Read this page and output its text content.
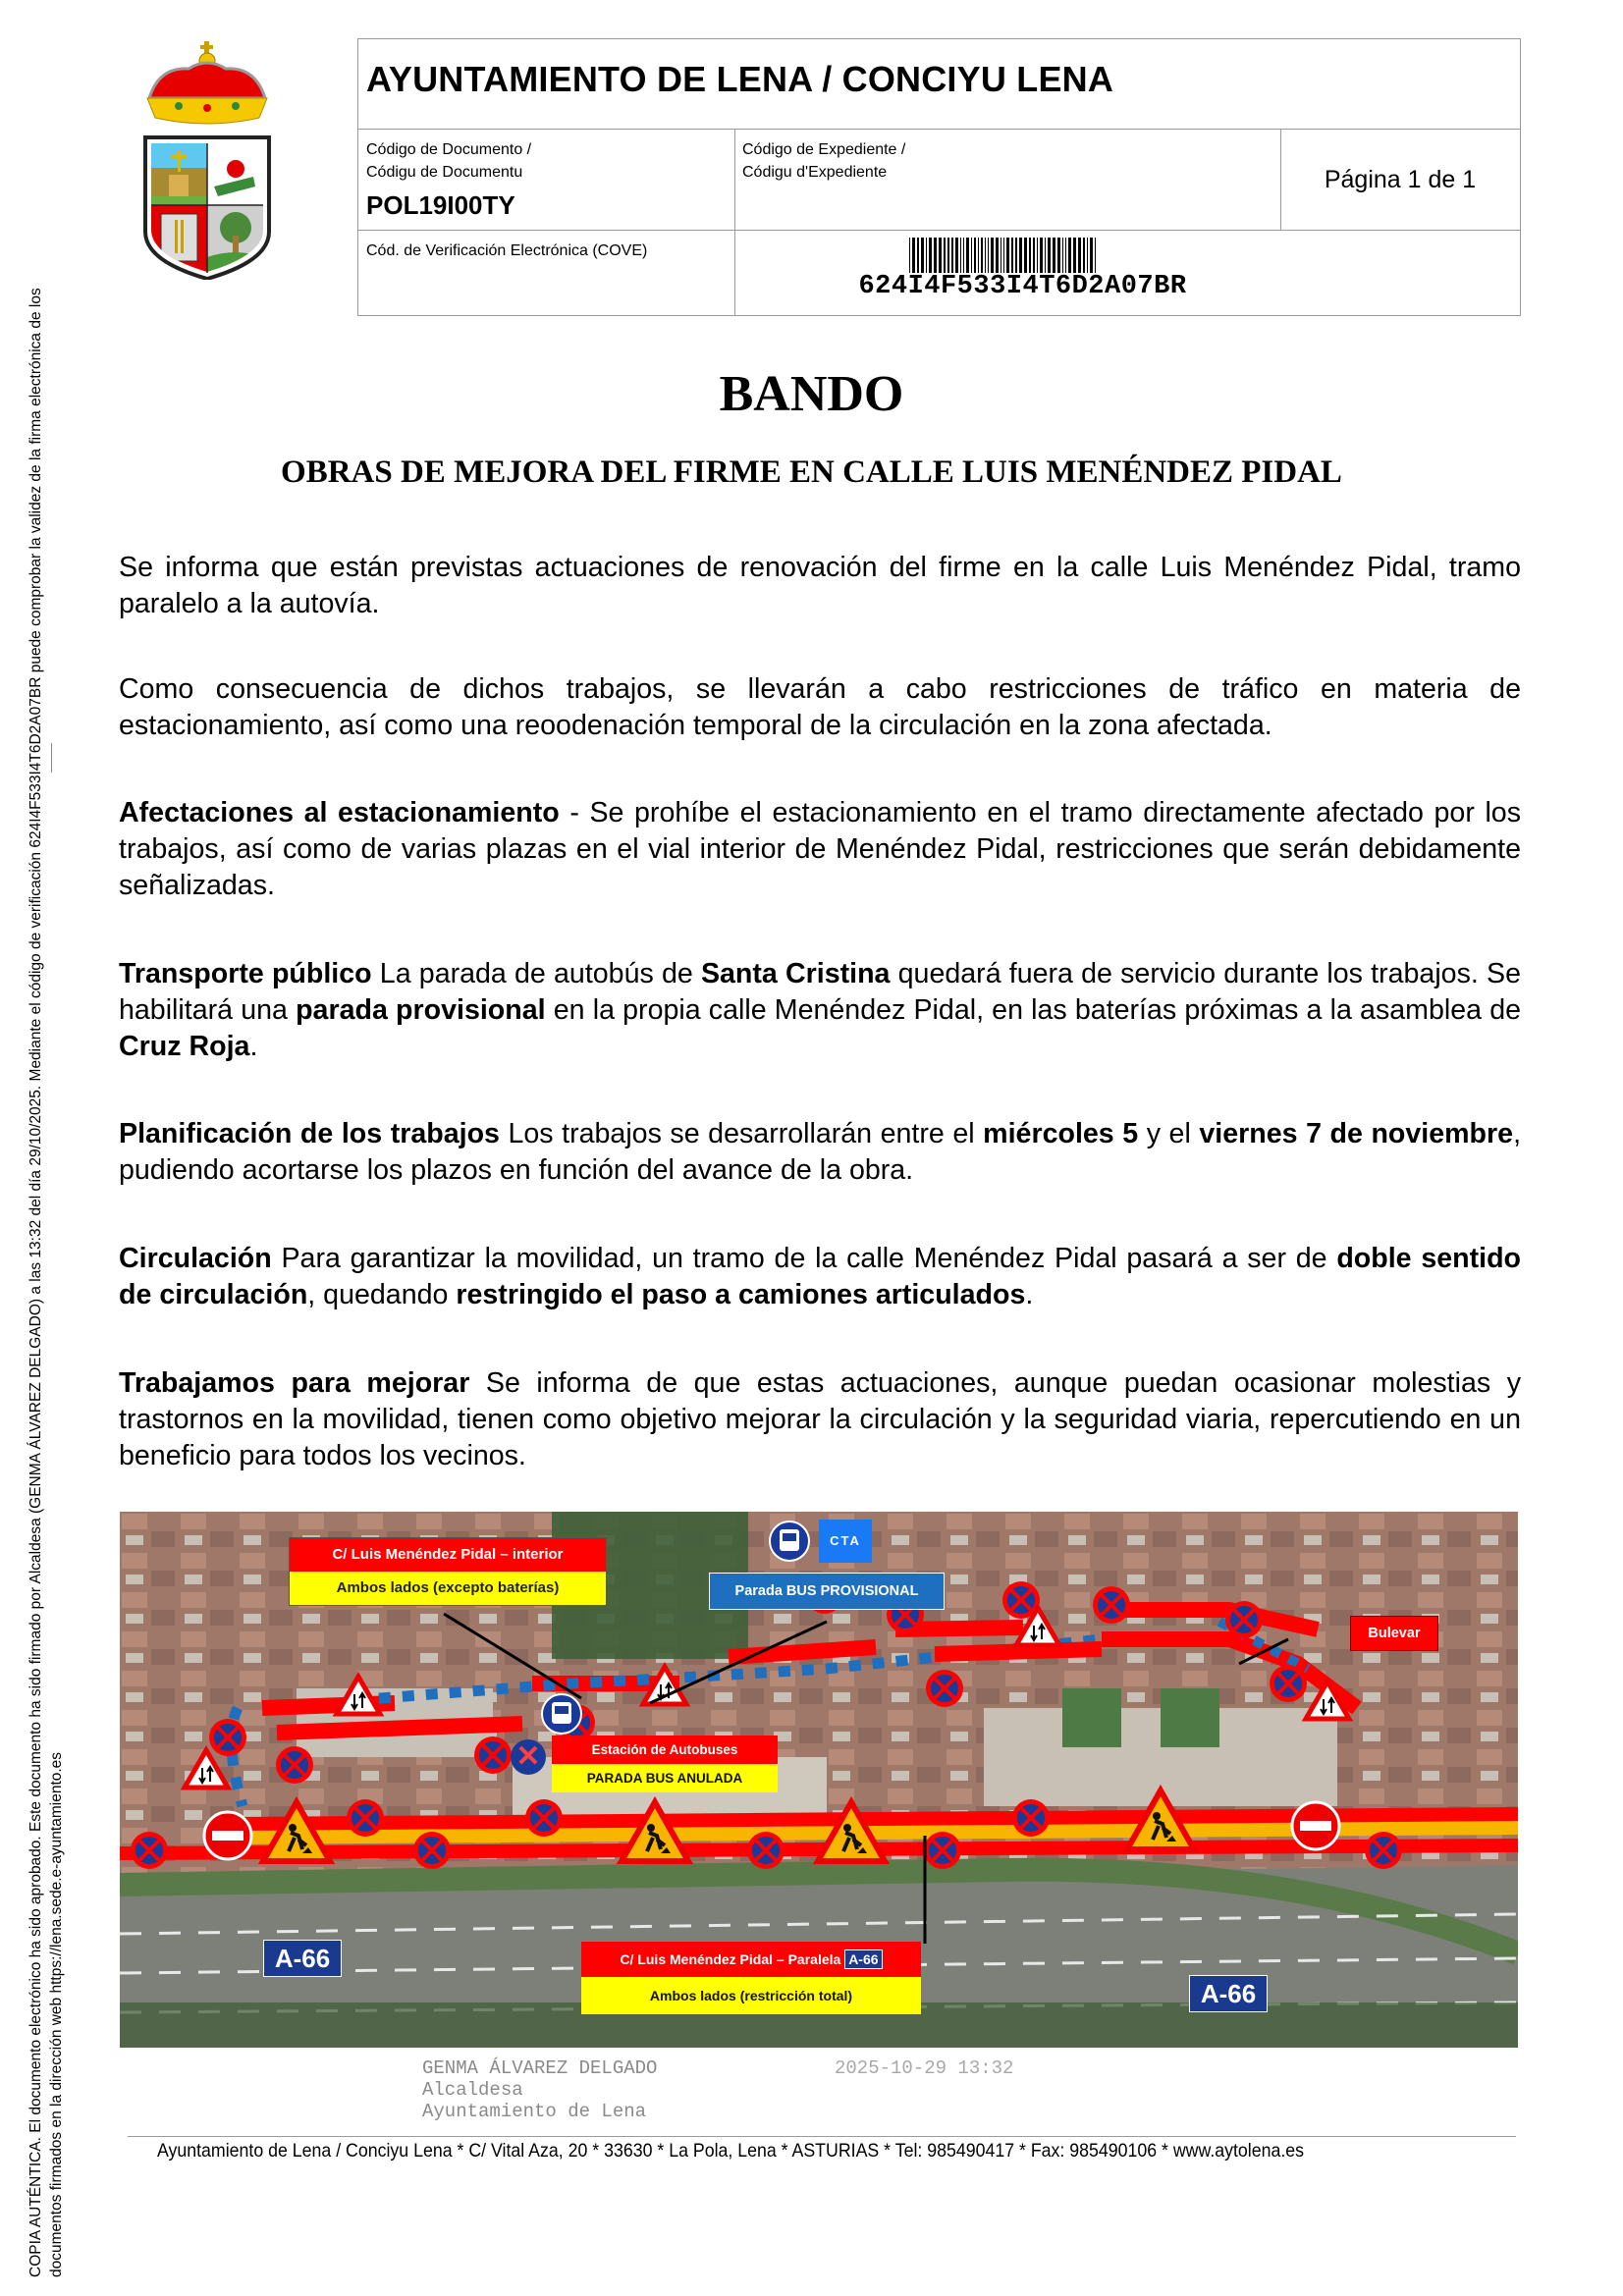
COPIA AUTÉNTICA. El documento electrónico ha sido aprobado. Este documento ha sido firmado por Alcaldesa (GENMA ÁLVAREZ DELGADO) a las 13:32 del día 29/10/2025. Mediante el código de verificación 624I4F533I4T6D2A07BR puede comprobar la validez de la firma electrónica de los documentos firmados en la dirección web https://lena.sede.e-ayuntamiento.es
AYUNTAMIENTO DE LENA / CONCIYU LENA
Código de Documento /
Códigu de Documentu
POL19I00TY
Código de Expediente /
Códigu d'Expediente	Página 1 de 1
Cód. de Verificación Electrónica (COVE)
624I4F533I4T6D2A07BR
BANDO
OBRAS DE MEJORA DEL FIRME EN CALLE LUIS MENÉNDEZ PIDAL
Se informa que están previstas actuaciones de renovación del firme en la calle Luis Menéndez Pidal, tramo paralelo a la autovía.
Como consecuencia de dichos trabajos, se llevarán a cabo restricciones de tráfico en materia de estacionamiento, así como una reoodenación temporal de la circulación en la zona afectada.
Afectaciones al estacionamiento - Se prohíbe el estacionamiento en el tramo directamente afectado por los trabajos, así como de varias plazas en el vial interior de Menéndez Pidal, restricciones que serán debidamente señalizadas.
Transporte público La parada de autobús de Santa Cristina quedará fuera de servicio durante los trabajos. Se habilitará una parada provisional en la propia calle Menéndez Pidal, en las baterías próximas a la asamblea de Cruz Roja.
Planificación de los trabajos Los trabajos se desarrollarán entre el miércoles 5 y el viernes 7 de noviembre, pudiendo acortarse los plazos en función del avance de la obra.
Circulación Para garantizar la movilidad, un tramo de la calle Menéndez Pidal pasará a ser de doble sentido de circulación, quedando restringido el paso a camiones articulados.
Trabajamos para mejorar Se informa de que estas actuaciones, aunque puedan ocasionar molestias y trastornos en la movilidad, tienen como objetivo mejorar la circulación y la seguridad viaria, repercutiendo en un beneficio para todos los vecinos.
C/ Luis Menéndez Pidal – interior
Ambos lados (excepto baterías)
CTA
Parada BUS PROVISIONAL
Estación de Autobuses
PARADA BUS ANULADA
✕
Bulevar
C/ Luis Menéndez Pidal – Paralela A-66
Ambos lados (restricción total)
A-66
A-66
GENMA ÁLVAREZ DELGADO
Alcaldesa
Ayuntamiento de Lena
2025-10-29 13:32
Ayuntamiento de Lena / Conciyu Lena * C/ Vital Aza, 20 * 33630 * La Pola, Lena * ASTURIAS * Tel: 985490417 * Fax: 985490106 * www.aytolena.es
